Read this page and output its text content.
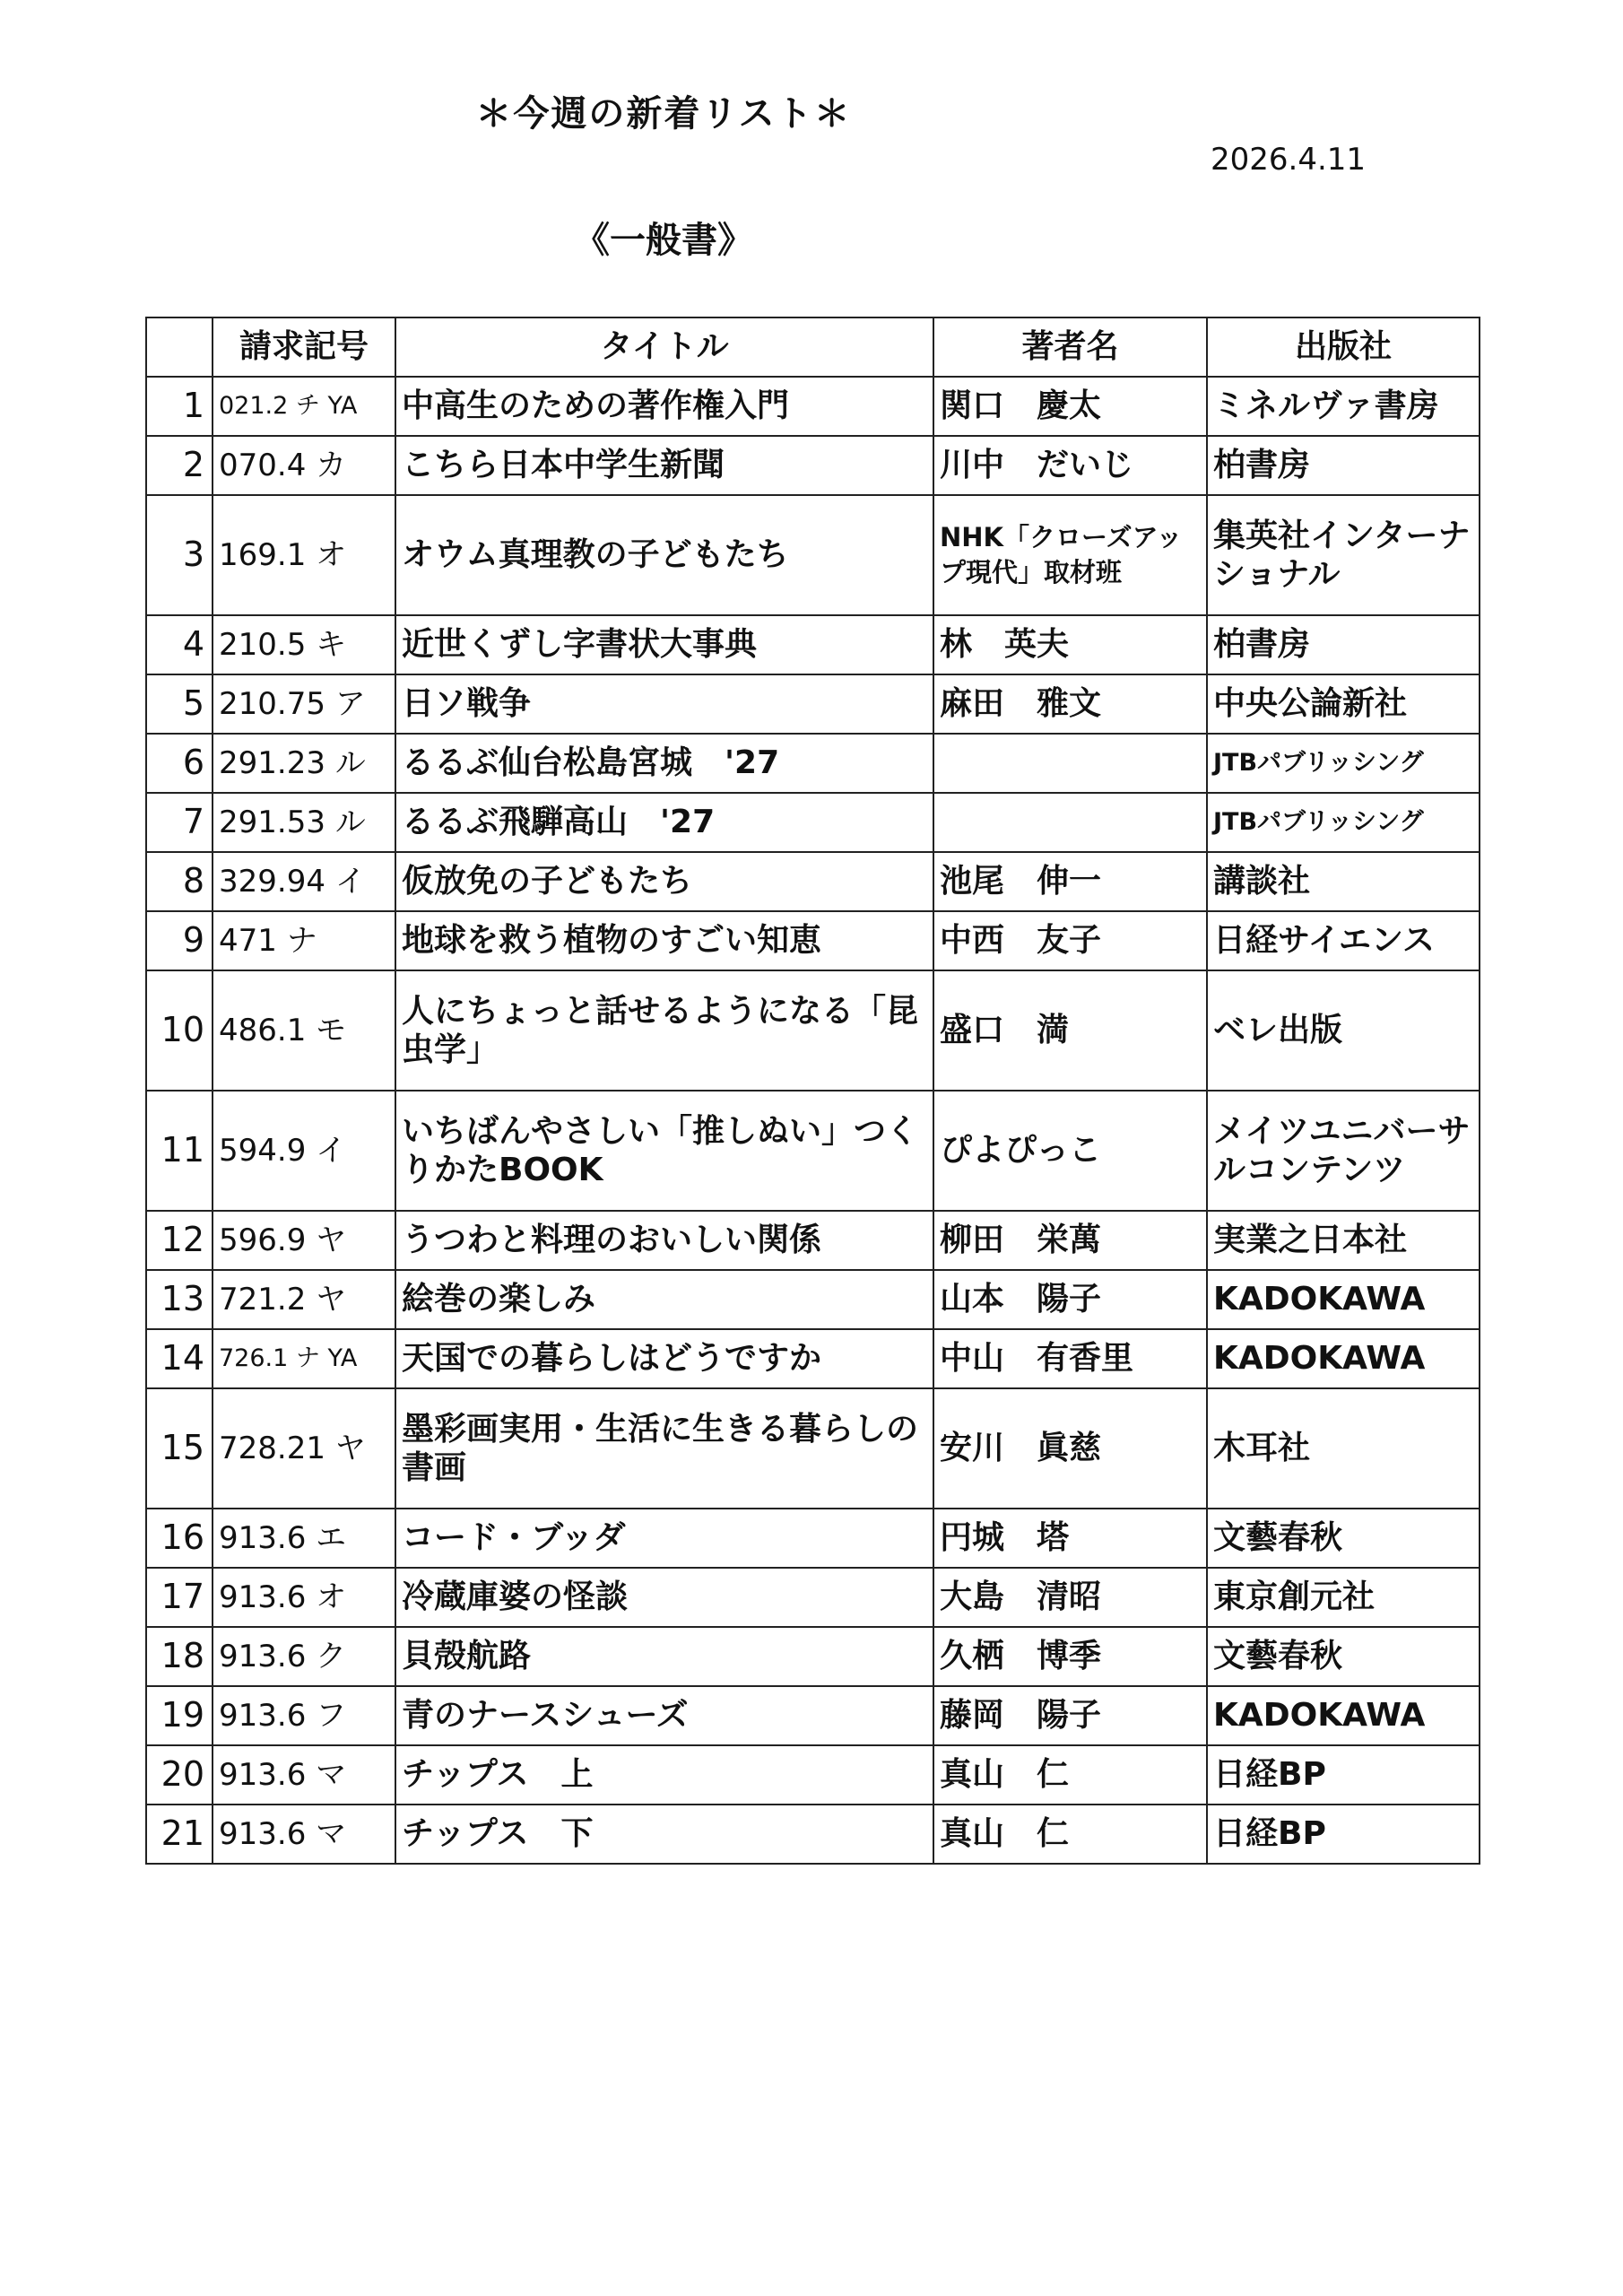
＊今週の新着リスト＊
2026.4.11
《一般書》
	請求記号	タイトル	著者名	出版社
1	021.2 チ YA	中高生のための著作権入門	関口　慶太	ミネルヴァ書房
2	070.4 カ	こちら日本中学生新聞	川中　だいじ	柏書房
3	169.1 オ	オウム真理教の子どもたち	NHK「クローズアップ現代」取材班	集英社インターナショナル
4	210.5 キ	近世くずし字書状大事典	林　英夫	柏書房
5	210.75 ア	日ソ戦争	麻田　雅文	中央公論新社
6	291.23 ル	るるぶ仙台松島宮城　'27		JTBパブリッシング
7	291.53 ル	るるぶ飛騨高山　'27		JTBパブリッシング
8	329.94 イ	仮放免の子どもたち	池尾　伸一	講談社
9	471 ナ	地球を救う植物のすごい知恵	中西　友子	日経サイエンス
10	486.1 モ	人にちょっと話せるようになる「昆虫学」	盛口　満	ベレ出版
11	594.9 イ	いちばんやさしい「推しぬい」つくりかたBOOK	ぴよぴっこ	メイツユニバーサルコンテンツ
12	596.9 ヤ	うつわと料理のおいしい関係	柳田　栄萬	実業之日本社
13	721.2 ヤ	絵巻の楽しみ	山本　陽子	KADOKAWA
14	726.1 ナ YA	天国での暮らしはどうですか	中山　有香里	KADOKAWA
15	728.21 ヤ	墨彩画実用・生活に生きる暮らしの書画	安川　眞慈	木耳社
16	913.6 エ	コード・ブッダ	円城　塔	文藝春秋
17	913.6 オ	冷蔵庫婆の怪談	大島　清昭	東京創元社
18	913.6 ク	貝殻航路	久栖　博季	文藝春秋
19	913.6 フ	青のナースシューズ	藤岡　陽子	KADOKAWA
20	913.6 マ	チップス　上	真山　仁	日経BP
21	913.6 マ	チップス　下	真山　仁	日経BP
